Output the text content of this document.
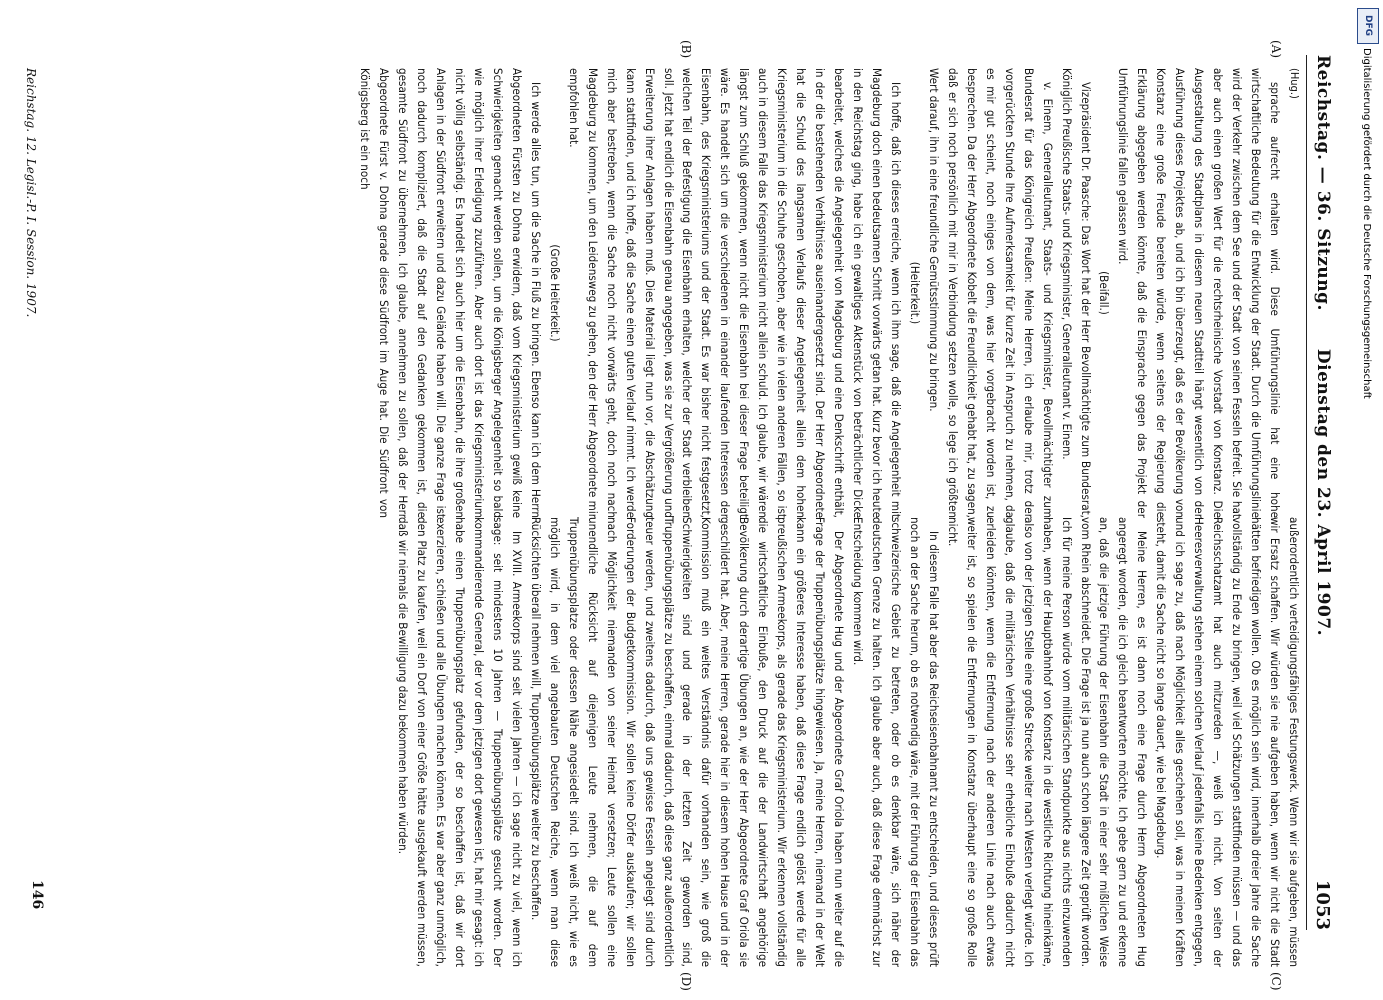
Reichstag. — 36. Sitzung.
Dienstag den 23. April 1907.
1053
(A)
(B)
(C)
(D)

(Hug.)

sprache aufrecht erhalten wird. Diese Umführungslinie hat eine hohe wirtschaftliche Bedeutung für die Entwicklung der Stadt. Durch die Umführungslinie wird der Verkehr zwischen dem See und der Stadt von seinen Fesseln befreit. Sie hat aber auch einen großen Wert für die rechtsrheinische Vorstadt von Konstanz. Die Ausgestaltung des Stadtplans in diesem neuen Stadtteil hängt wesentlich von der Ausführung dieses Projektes ab, und ich bin überzeugt, daß es der Bevölkerung von Konstanz eine große Freude bereiten würde, wenn seitens der Regierung die Erklärung abgegeben werden könnte, daß die Einsprache gegen das Projekt der Umführungslinie fallen gelassen wird.

(Beifall.)

Vizepräsident Dr. Paasche: Das Wort hat der Herr Bevollmächtigte zum Bundesrat, Königlich Preußische Staats- und Kriegsminister, Generalleutnant v. Einem.

v. Einem, Generalleutnant, Staats- und Kriegsminister, Bevollmächtigter zum Bundesrat für das Königreich Preußen: Meine Herren, ich erlaube mir, trotz der vorgerückten Stunde Ihre Aufmerksamkeit für kurze Zeit in Anspruch zu nehmen, da es mir gut scheint, noch einiges von dem, was hier vorgebracht worden ist, zu besprechen. Da der Herr Abgeordnete Kobelt die Freundlichkeit gehabt hat, zu sagen, daß er sich noch persönlich mit mir in Verbindung setzen wolle, so lege ich größten Wert darauf, ihn in eine freundliche Gemütsstimmung zu bringen.

(Heiterkeit.)

Ich hoffe, daß ich dieses erreiche, wenn ich ihm sage, daß die Angelegenheit mit Magdeburg doch einen bedeutsamen Schritt vorwärts getan hat. Kurz bevor ich heute in den Reichstag ging, habe ich ein gewaltiges Aktenstück von beträchtlicher Dicke bearbeitet, welches die Angelegenheit von Magdeburg und eine Denkschrift enthält, in der die bestehenden Verhältnisse auseinandergesetzt sind. Der Herr Abgeordnete hat die Schuld des langsamen Verlaufs dieser Angelegenheit allein dem hohen Kriegsministerium in die Schuhe geschoben, aber wie in vielen anderen Fällen, so ist auch in diesem Falle das Kriegsministerium nicht allein schuld. Ich glaube, wir wären längst zum Schluß gekommen, wenn nicht die Eisenbahn bei dieser Frage beteiligt wäre. Es handelt sich um die verschiedenen in einander laufenden Interessen der Eisenbahn, des Kriegsministeriums und der Stadt. Es war bisher nicht festgesetzt, welchen Teil der Befestigung die Eisenbahn erhalten, welcher der Stadt verbleiben soll. Jetzt hat endlich die Eisenbahn genau angegeben, was sie zur Vergrößerung und Erweiterung ihrer Anlagen haben muß. Dies Material liegt nun vor, die Abschätzung kann stattfinden, und ich hoffe, daß die Sache einen guten Verlauf nimmt. Ich werde mich aber bestreben, wenn die Sache noch nicht vorwärts geht, doch noch nach Magdeburg zu kommen, um den Leidensweg zu gehen, den der Herr Abgeordnete mir empfohlen hat.

(Große Heiterkeit.)

Ich werde alles tun, um die Sache in Fluß zu bringen. Ebenso kann ich dem Herrn Abgeordneten Fürsten zu Dohna erwidern, daß vom Kriegsministerium gewiß keine Schwierigkeiten gemacht werden sollen, um die Königsberger Angelegenheit so bald wie möglich ihrer Erledigung zuzuführen. Aber auch dort ist das Kriegsministerium nicht völlig selbständig. Es handelt sich auch hier um die Eisenbahn, die ihre großen Anlagen in der Südfront erweitern und dazu Gelände haben will. Die ganze Frage ist noch dadurch kompliziert, daß die Stadt auf den Gedanken gekommen ist, die gesamte Südfront zu übernehmen. Ich glaube, annehmen zu sollen, daß der Herr Abgeordnete Fürst v. Dohna gerade diese Südfront im Auge hat. Die Südfront von Königsberg ist ein noch

außerordentlich verteidigungsfähiges Festungswerk. Wenn wir sie aufgeben, müssen wir Ersatz schaffen. Wir würden sie nie aufgeben haben, wenn wir nicht die Stadt hätten befriedigen wollen. Ob es möglich sein wird, innerhalb dreier Jahre die Sache vollständig zu Ende zu bringen, weil viel Schätzungen stattfinden müssen — und das Reichsschatzamt hat auch mitzureden —, weiß ich nicht. Von seiten der Heeresverwaltung stehen einem solchen Verlauf jedenfalls keine Bedenken entgegen, und ich sage zu, daß nach Möglichkeit alles geschehen soll, was in meinen Kräften steht, damit die Sache nicht so lange dauert, wie bei Magdeburg.

Meine Herren, es ist dann noch eine Frage durch Herrn Abgeordneten Hug angeregt worden, die ich gleich beantworten möchte. Ich gebe gern zu und erkenne an, daß die jetzige Führung der Eisenbahn die Stadt in einer sehr mißlichen Weise vom Rhein abschneidet. Die Frage ist ja nun auch schon längere Zeit geprüft worden. Ich für meine Person würde vom militärischen Standpunkte aus nichts einzuwenden haben, wenn der Hauptbahnhof von Konstanz in die westliche Richtung hineinkäme, also von der jetzigen Stelle eine große Strecke weiter nach Westen verlegt würde. Ich glaube, daß die militärischen Verhältnisse sehr erhebliche Einbuße dadurch nicht erleiden könnten, wenn die Entfernung nach der anderen Linie nach auch etwas weiter ist, so spielen die Entfernungen in Konstanz überhaupt eine so große Rolle nicht.

In diesem Falle hat aber das Reichseisenbahnamt zu entscheiden, und dieses prüft noch an der Sache herum, ob es notwendig wäre, mit der Führung der Eisenbahn das schweizerische Gebiet zu betreten, oder ob es denkbar wäre, sich näher der deutschen Grenze zu halten. Ich glaube aber auch, daß diese Frage demnächst zur Entscheidung kommen wird.

Der Abgeordnete Hug und der Abgeordnete Graf Oriola haben nun weiter auf die Frage der Truppenübungsplätze hingewiesen. Ja, meine Herren, niemand in der Welt kann ein größeres Interesse haben, daß diese Frage endlich gelöst werde für alle preußischen Armeekorps, als gerade das Kriegsministerium. Wir erkennen vollständig die wirtschaftliche Einbuße, den Druck auf die der Landwirtschaft angehörige Bevölkerung durch derartige Übungen an, wie der Herr Abgeordnete Graf Oriola sie geschildert hat. Aber, meine Herren, gerade hier in diesem hohen Hause und in der Kommission muß ein weites Verständnis dafür vorhanden sein, wie groß die Schwierigkeiten sind und gerade in der letzten Zeit geworden sind, Truppenübungsplätze zu beschaffen, einmal dadurch, daß diese ganz außerordentlich teuer werden, und zweitens dadurch, daß uns gewisse Fesseln angelegt sind durch Forderungen der Budgetkommission. Wir sollen keine Dörfer auskaufen; wir sollen nach Möglichkeit niemanden von seiner Heimat versetzen; Leute sollen eine unendliche Rücksicht auf diejenigen Leute nehmen, die auf dem Truppenübungsplatze oder dessen Nähe angesiedelt sind. Ich weiß nicht, wie es möglich wird, in dem viel angebauten Deutschen Reiche, wenn man diese Rücksichten überall nehmen will, Truppenübungsplätze weiter zu beschaffen.

Im XVIII. Armeekorps sind seit vielen Jahren — ich sage nicht zu viel, wenn ich sage: seit mindestens 10 Jahren — Truppenübungsplätze gesucht worden. Der kommandierende General, der vor dem jetzigen dort gewesen ist, hat mir gesagt: ich habe einen Truppenübungsplatz gefunden, der so beschaffen ist, daß wir dort exerzieren, schießen und alle Übungen machen können. Es war aber ganz unmöglich, den Platz zu kaufen, weil ein Dorf von einer Größe hätte ausgekauft werden müssen, daß wir niemals die Bewilligung dazu bekommen haben würden.

Reichstag. 12. Legisl.-P. I. Session. 1907.
146
DFG
Digitalisierung gefördert durch die Deutsche Forschungsgemeinschaft
